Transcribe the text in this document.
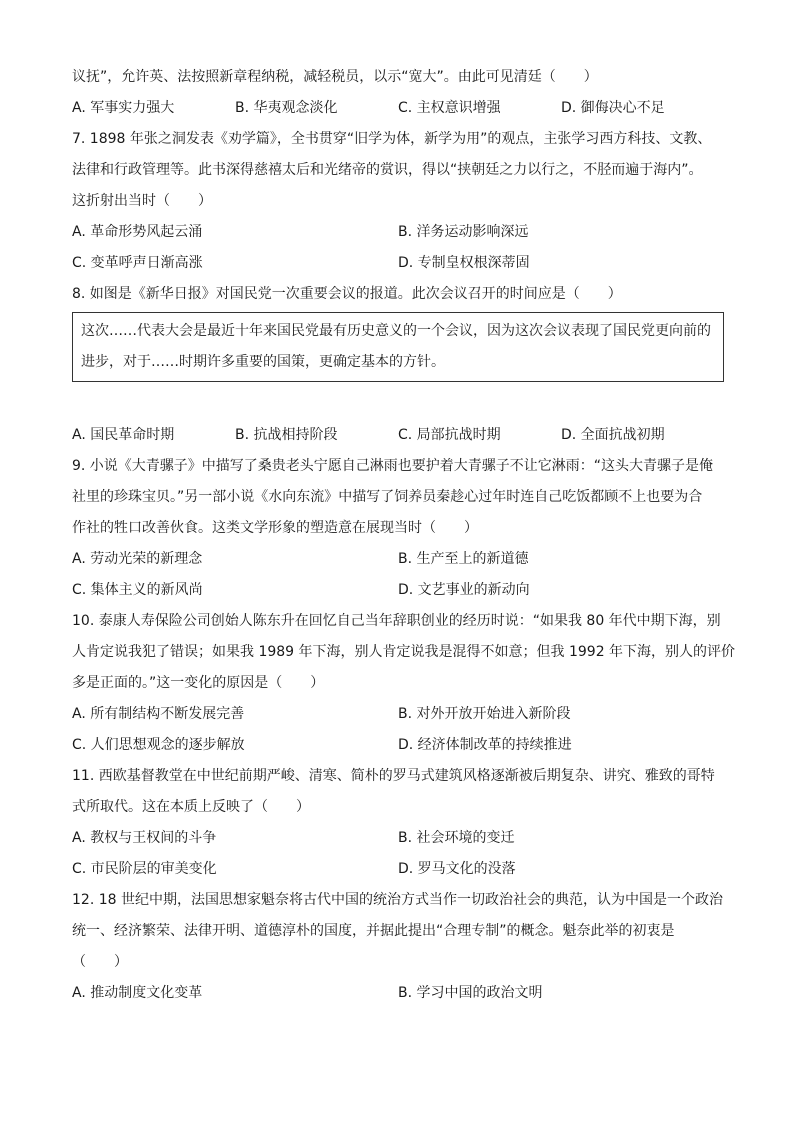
议抚”，允许英、法按照新章程纳税，减轻税员，以示“宽大”。由此可见清廷（　　）
A. 军事实力强大	B. 华夷观念淡化	C. 主权意识增强	D. 御侮决心不足
7. 1898 年张之洞发表《劝学篇》，全书贯穿“旧学为体，新学为用”的观点，主张学习西方科技、文教、
法律和行政管理等。此书深得慈禧太后和光绪帝的赏识，得以“挟朝廷之力以行之，不胫而遍于海内”。
这折射出当时（　　）
A. 革命形势风起云涌	B. 洋务运动影响深远
C. 变革呼声日渐高涨	D. 专制皇权根深蒂固
8. 如图是《新华日报》对国民党一次重要会议的报道。此次会议召开的时间应是（　　）
这次……代表大会是最近十年来国民党最有历史意义的一个会议，因为这次会议表现了国民党更向前的
进步，对于……时期许多重要的国策，更确定基本的方针。
A. 国民革命时期	B. 抗战相持阶段	C. 局部抗战时期	D. 全面抗战初期
9. 小说《大青骡子》中描写了桑贵老头宁愿自己淋雨也要护着大青骡子不让它淋雨：“这头大青骡子是俺
社里的珍珠宝贝。”另一部小说《水向东流》中描写了饲养员秦趁心过年时连自己吃饭都顾不上也要为合
作社的牲口改善伙食。这类文学形象的塑造意在展现当时（　　）
A. 劳动光荣的新理念	B. 生产至上的新道德
C. 集体主义的新风尚	D. 文艺事业的新动向
10. 泰康人寿保险公司创始人陈东升在回忆自己当年辞职创业的经历时说：“如果我 80 年代中期下海，别
人肯定说我犯了错误；如果我 1989 年下海，别人肯定说我是混得不如意；但我 1992 年下海，别人的评价
多是正面的。”这一变化的原因是（　　）
A. 所有制结构不断发展完善	B. 对外开放开始进入新阶段
C. 人们思想观念的逐步解放	D. 经济体制改革的持续推进
11. 西欧基督教堂在中世纪前期严峻、清寒、简朴的罗马式建筑风格逐渐被后期复杂、讲究、雅致的哥特
式所取代。这在本质上反映了（　　）
A. 教权与王权间的斗争	B. 社会环境的变迁
C. 市民阶层的审美变化	D. 罗马文化的没落
12. 18 世纪中期，法国思想家魁奈将古代中国的统治方式当作一切政治社会的典范，认为中国是一个政治
统一、经济繁荣、法律开明、道德淳朴的国度，并据此提出“合理专制”的概念。魁奈此举的初衷是
（　　）
A. 推动制度文化变革	B. 学习中国的政治文明
